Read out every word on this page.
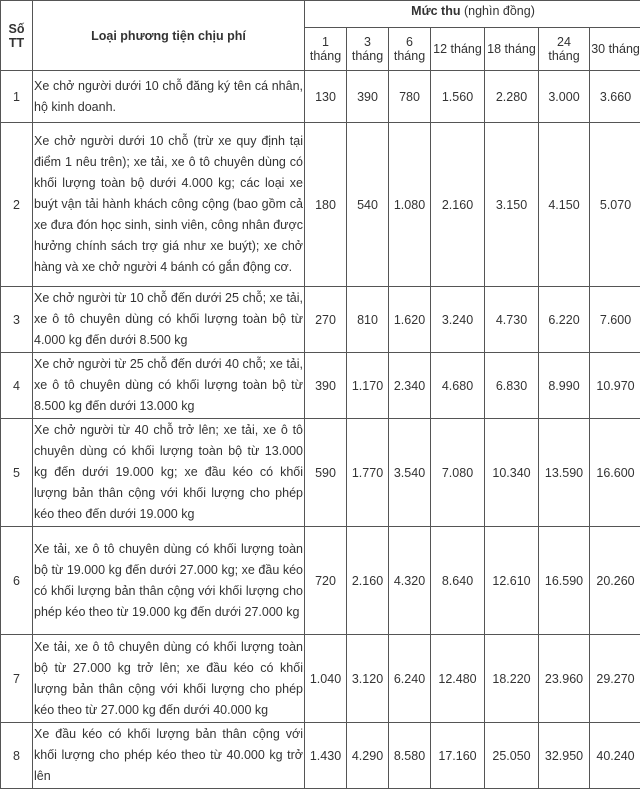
Số TT	Loại phương tiện chịu phí	Mức thu (nghìn đồng)						
		1 tháng	3 tháng	6 tháng	12 tháng	18 tháng	24 tháng	30 tháng
1	Xe chở người dưới 10 chỗ đăng ký tên cá nhân, hộ kinh doanh.	130	390	780	1.560	2.280	3.000	3.660
2	Xe chở người dưới 10 chỗ (trừ xe quy định tại điểm 1 nêu trên); xe tải, xe ô tô chuyên dùng có khối lượng toàn bộ dưới 4.000 kg; các loại xe buýt vận tải hành khách công cộng (bao gồm cả xe đưa đón học sinh, sinh viên, công nhân được hưởng chính sách trợ giá như xe buýt); xe chở hàng và xe chở người 4 bánh có gắn động cơ.	180	540	1.080	2.160	3.150	4.150	5.070
3	Xe chở người từ 10 chỗ đến dưới 25 chỗ; xe tải, xe ô tô chuyên dùng có khối lượng toàn bộ từ 4.000 kg đến dưới 8.500 kg	270	810	1.620	3.240	4.730	6.220	7.600
4	Xe chở người từ 25 chỗ đến dưới 40 chỗ; xe tải, xe ô tô chuyên dùng có khối lượng toàn bộ từ 8.500 kg đến dưới 13.000 kg	390	1.170	2.340	4.680	6.830	8.990	10.970
5	Xe chở người từ 40 chỗ trở lên; xe tải, xe ô tô chuyên dùng có khối lượng toàn bộ từ 13.000 kg đến dưới 19.000 kg; xe đầu kéo có khối lượng bản thân cộng với khối lượng cho phép kéo theo đến dưới 19.000 kg	590	1.770	3.540	7.080	10.340	13.590	16.600
6	Xe tải, xe ô tô chuyên dùng có khối lượng toàn bộ từ 19.000 kg đến dưới 27.000 kg; xe đầu kéo có khối lượng bản thân cộng với khối lượng cho phép kéo theo từ 19.000 kg đến dưới 27.000 kg	720	2.160	4.320	8.640	12.610	16.590	20.260
7	Xe tải, xe ô tô chuyên dùng có khối lượng toàn bộ từ 27.000 kg trở lên; xe đầu kéo có khối lượng bản thân cộng với khối lượng cho phép kéo theo từ 27.000 kg đến dưới 40.000 kg	1.040	3.120	6.240	12.480	18.220	23.960	29.270
8	Xe đầu kéo có khối lượng bản thân cộng với khối lượng cho phép kéo theo từ 40.000 kg trở lên	1.430	4.290	8.580	17.160	25.050	32.950	40.240
